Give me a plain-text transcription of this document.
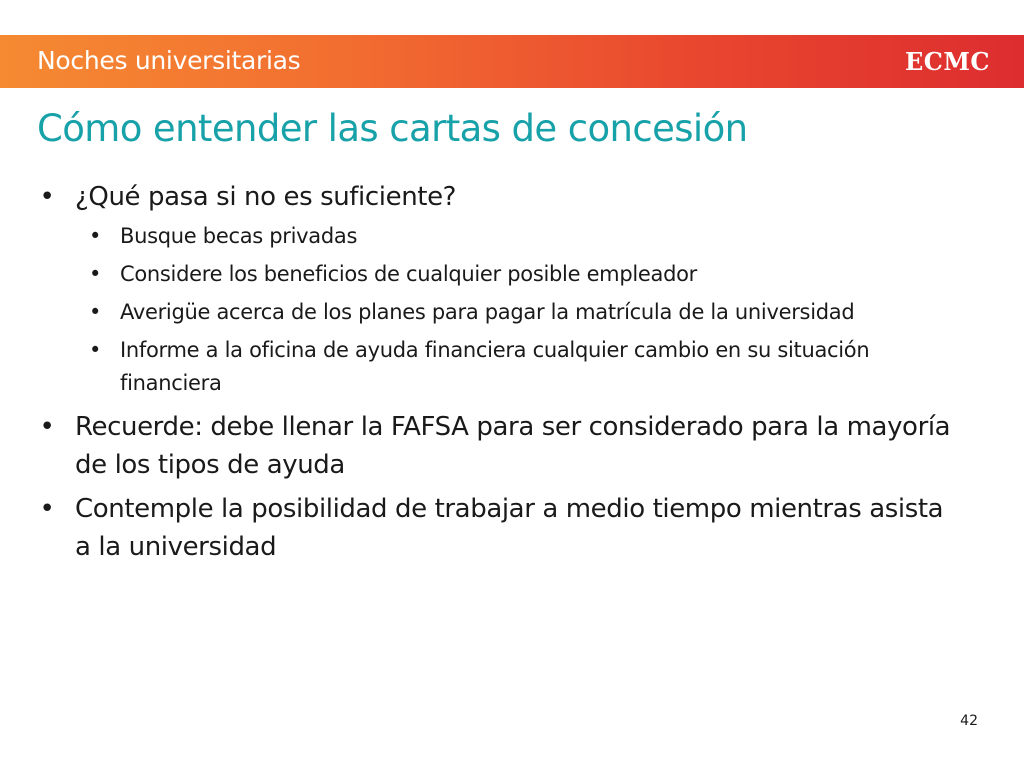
Noches universitarias	ECMC
Cómo entender las cartas de concesión
• ¿Qué pasa si no es suficiente?
• Busque becas privadas
• Considere los beneficios de cualquier posible empleador
• Averigüe acerca de los planes para pagar la matrícula de la universidad
• Informe a la oficina de ayuda financiera cualquier cambio en su situación financiera
• Recuerde: debe llenar la FAFSA para ser considerado para la mayoría de los tipos de ayuda
• Contemple la posibilidad de trabajar a medio tiempo mientras asista a la universidad
42
